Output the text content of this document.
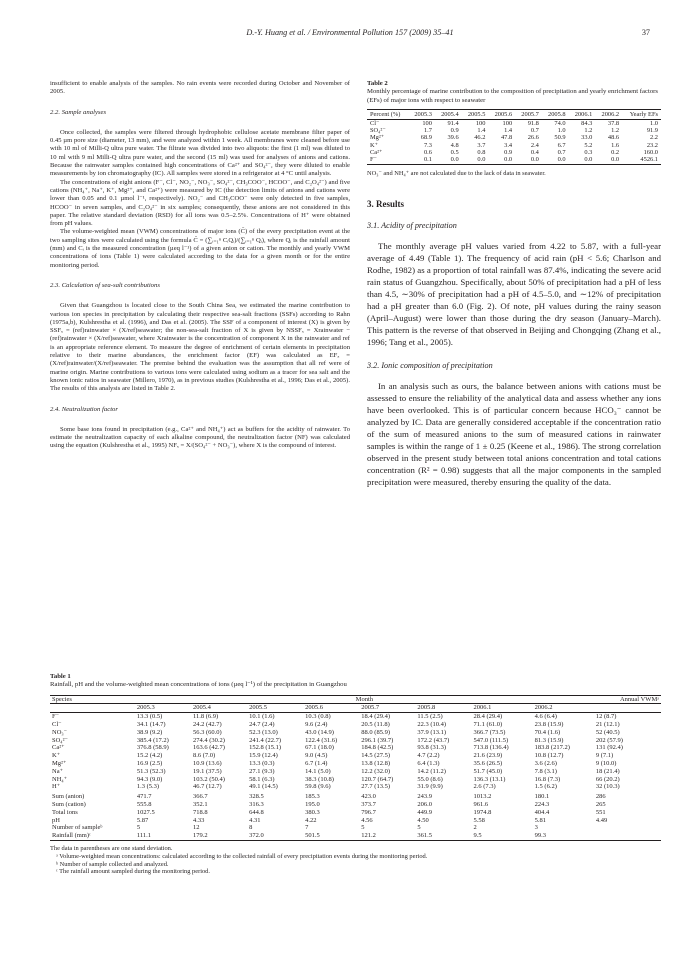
D.-Y. Huang et al. / Environmental Pollution 157 (2009) 35–41	37

insufficient to enable analysis of the samples. No rain events were recorded during October and November of 2005.

2.2. Sample analyses

Once collected, the samples were filtered through hydrophobic cellulose acetate membrane filter paper of 0.45 µm pore size (diameter, 13 mm), and were analyzed within 1 week. All membranes were cleaned before use with 10 ml of Milli-Q ultra pure water. The filtrate was divided into two aliquots: the first (1 ml) was diluted to 10 ml with 9 ml Milli-Q ultra pure water, and the second (15 ml) was used for analyses of anions and cations. Because the rainwater samples contained high concentrations of Ca²⁺ and SO₄²⁻, they were diluted to enable measurements by ion chromatography (IC). All samples were stored in a refrigerator at 4 °C until analysis.

The concentrations of eight anions (F⁻, Cl⁻, NO₂⁻, NO₃⁻, SO₄²⁻, CH₃COO⁻, HCOO⁻, and C₂O₄²⁻) and five cations (NH₄⁺, Na⁺, K⁺, Mg²⁺, and Ca²⁺) were measured by IC (the detection limits of anions and cations were lower than 0.05 and 0.1 µmol l⁻¹, respectively). NO₂⁻ and CH₃COO⁻ were only detected in five samples, HCOO⁻ in seven samples, and C₂O₄²⁻ in six samples; consequently, these anions are not considered in this paper. The relative standard deviation (RSD) for all ions was 0.5–2.5%. Concentrations of H⁺ were obtained from pH values.

The volume-weighted mean (VWM) concentrations of major ions (C̄) of the every precipitation event at the two sampling sites were calculated using the formula C̄ = (∑ᵢ₌₁ⁿ CᵢQᵢ)/(∑ᵢ₌₁ⁿ Qᵢ), where Qᵢ is the rainfall amount (mm) and Cᵢ is the measured concentration (µeq l⁻¹) of a given anion or cation. The monthly and yearly VWM concentrations of ions (Table 1) were calculated according to the data for a given month or for the entire monitoring period.

2.3. Calculation of sea-salt contributions

Given that Guangzhou is located close to the South China Sea, we estimated the marine contribution to various ion species in precipitation by calculating their respective sea-salt fractions (SSFs) according to Rahn (1975a,b), Kulshrestha et al. (1996), and Das et al. (2005). The SSF of a component of interest (X) is given by SSFₓ = (ref)rainwater × (X/ref)seawater; the non-sea-salt fraction of X is given by NSSFₓ = Xrainwater − (ref)rainwater × (X/ref)seawater, where Xrainwater is the concentration of component X in the rainwater and ref is an appropriate reference element. To measure the degree of enrichment of certain elements in precipitation relative to their marine abundances, the enrichment factor (EF) was calculated as EFₓ = (X/ref)rainwater/(X/ref)seawater. The premise behind the evaluation was the assumption that all ref were of marine origin. Marine contributions to various ions were calculated using sodium as a tracer for sea salt and the known ionic ratios in seawater (Millero, 1970), as in previous studies (Kulshrestha et al., 1996; Das et al., 2005). The results of this analysis are listed in Table 2.

2.4. Neutralization factor

Some base ions found in precipitation (e.g., Ca²⁺ and NH₄⁺) act as buffers for the acidity of rainwater. To estimate the neutralization capacity of each alkaline compound, the neutralization factor (NF) was calculated using the equation (Kulshrestha et al., 1995) NFₓ = X/(SO₄²⁻ + NO₃⁻), where X is the compound of interest.

Table 2
Monthly percentage of marine contribution to the composition of precipitation and yearly enrichment factors (EFs) of major ions with respect to seawater
Percent (%)	2005.3	2005.4	2005.5	2005.6	2005.7	2005.8	2006.1	2006.2	Yearly EFs
Cl⁻	100	91.4	100	100	91.8	74.0	84.3	37.8	1.0
SO₄²⁻	1.7	0.9	1.4	1.4	0.7	1.0	1.2	1.2	91.9
Mg²⁺	68.9	39.6	46.2	47.8	26.6	50.9	33.0	48.6	2.2
K⁺	7.3	4.8	3.7	3.4	2.4	6.7	5.2	1.6	23.2
Ca²⁺	0.6	0.5	0.8	0.9	0.4	0.7	0.3	0.2	160.0
F⁻	0.1	0.0	0.0	0.0	0.0	0.0	0.0	0.0	4526.1
NO₃⁻ and NH₄⁺ are not calculated due to the lack of data in seawater.
3. Results
3.1. Acidity of precipitation

The monthly average pH values varied from 4.22 to 5.87, with a full-year average of 4.49 (Table 1). The frequency of acid rain (pH < 5.6; Charlson and Rodhe, 1982) as a proportion of total rainfall was 87.4%, indicating the severe acid rain status of Guangzhou. Specifically, about 50% of precipitation had a pH of less than 4.5, ∼30% of precipitation had a pH of 4.5–5.0, and ∼12% of precipitation had a pH greater than 6.0 (Fig. 2). Of note, pH values during the rainy season (April–August) were lower than those during the dry season (January–March). This pattern is the reverse of that observed in Beijing and Chongqing (Zhang et al., 1996; Tang et al., 2005).

3.2. Ionic composition of precipitation

In an analysis such as ours, the balance between anions with cations must be assessed to ensure the reliability of the analytical data and assess whether any ions have been overlooked. This is of particular concern because HCO₃⁻ cannot be analyzed by IC. Data are generally considered acceptable if the concentration ratio of the sum of measured anions to the sum of measured cations in rainwater samples is within the range of 1 ± 0.25 (Keene et al., 1986). The strong correlation observed in the present study between total anions concentration and total cations concentration (R² = 0.98) suggests that all the major components in the sampled precipitation were measured, thereby ensuring the quality of the data.

Table 1
Rainfall, pH and the volume-weighted mean concentrations of ions (µeq l⁻¹) of the precipitation in Guangzhou
Species	Month								Annual VWMᵃ
	2005.3	2005.4	2005.5	2005.6	2005.7	2005.8	2006.1	2006.2	
F⁻	13.3 (0.5)	11.8 (6.9)	10.1 (1.6)	10.3 (0.8)	18.4 (29.4)	11.5 (2.5)	28.4 (29.4)	4.6 (6.4)	12 (8.7)
Cl⁻	34.1 (14.7)	24.2 (42.7)	24.7 (2.4)	9.6 (2.4)	20.5 (11.8)	22.3 (10.4)	71.1 (61.0)	23.8 (15.9)	21 (12.1)
NO₃⁻	38.9 (9.2)	56.3 (60.0)	52.3 (13.0)	43.0 (14.9)	88.0 (85.9)	37.9 (13.1)	366.7 (73.5)	70.4 (1.6)	52 (40.5)
SO₄²⁻	385.4 (17.2)	274.4 (30.2)	241.4 (22.7)	122.4 (31.6)	296.1 (39.7)	172.2 (43.7)	547.0 (111.5)	81.3 (15.9)	202 (57.9)
Ca²⁺	376.8 (58.9)	163.6 (42.7)	152.8 (15.1)	67.1 (18.0)	184.8 (42.5)	93.8 (31.3)	713.8 (136.4)	183.8 (217.2)	131 (92.4)
K⁺	15.2 (4.2)	8.6 (7.0)	15.9 (12.4)	9.0 (4.5)	14.5 (27.5)	4.7 (2.2)	21.6 (23.9)	10.8 (12.7)	9 (7.1)
Mg²⁺	16.9 (2.5)	10.9 (13.6)	13.3 (0.3)	6.7 (1.4)	13.8 (12.8)	6.4 (1.3)	35.6 (26.5)	3.6 (2.6)	9 (10.0)
Na⁺	51.3 (52.3)	19.1 (37.5)	27.1 (9.3)	14.1 (5.0)	12.2 (32.0)	14.2 (11.2)	51.7 (45.0)	7.8 (3.1)	18 (21.4)
NH₄⁺	94.3 (9.0)	103.2 (50.4)	58.1 (6.3)	38.3 (10.8)	120.7 (64.7)	55.0 (8.6)	136.3 (13.1)	16.8 (7.3)	66 (20.2)
H⁺	1.3 (5.3)	46.7 (12.7)	49.1 (14.5)	59.8 (9.6)	27.7 (13.5)	31.9 (9.9)	2.6 (7.3)	1.5 (6.2)	32 (10.3)
Sum (anion)	471.7	366.7	328.5	185.3	423.0	243.9	1013.2	180.1	286
Sum (cation)	555.8	352.1	316.3	195.0	373.7	206.0	961.6	224.3	265
Total ions	1027.5	718.8	644.8	380.3	796.7	449.9	1974.8	404.4	551
pH	5.87	4.33	4.31	4.22	4.56	4.50	5.58	5.81	4.49
Number of sampleᵇ	5	12	8	7	5	5	2	3	
Rainfall (mm)ᶜ	111.1	179.2	372.0	501.5	121.2	361.5	9.5	99.3	
The data in parentheses are one stand deviation.
ᵃ Volume-weighted mean concentrations: calculated according to the collected rainfall of every precipitation events during the monitoring period.
ᵇ Number of sample collected and analyzed.
ᶜ The rainfall amount sampled during the monitoring period.
